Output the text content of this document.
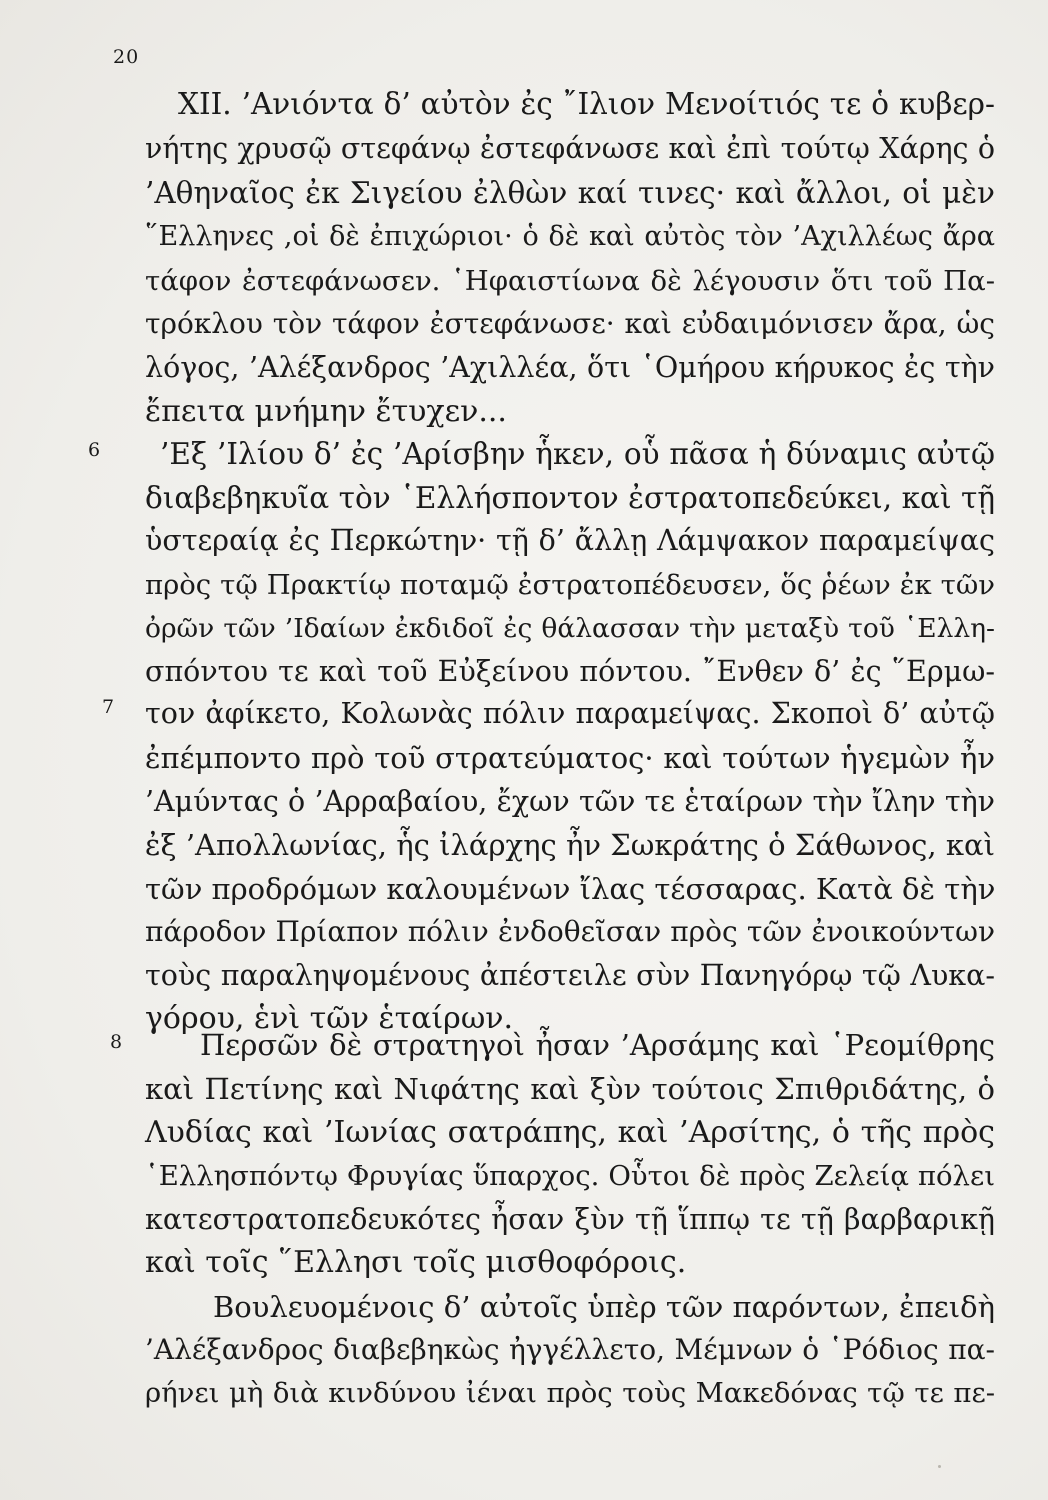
20
6
7
8
XII. ’Ανιόντα δ’ αὐτὸν ἐς ῎Ιλιον Μενοίτιός τε ὁ κυβερ-
νήτης χρυσῷ στεφάνῳ ἐστεφάνωσε καὶ ἐπὶ τούτῳ Χάρης ὁ
’Αθηναῖος ἐκ Σιγείου ἐλθὼν καί τινες· καὶ ἄλλοι, οἱ μὲν
῞Ελληνες ,οἱ δὲ ἐπιχώριοι· ὁ δὲ καὶ αὐτὸς τὸν ’Αχιλλέως ἄρα
τάφον ἐστεφάνωσεν. ῾Ηφαιστίωνα δὲ λέγουσιν ὅτι τοῦ Πα-
τρόκλου τὸν τάφον ἐστεφάνωσε· καὶ εὐδαιμόνισεν ἄρα, ὡς
λόγος, ’Αλέξανδρος ’Αχιλλέα, ὅτι ῾Ομήρου κήρυκος ἐς τὴν
ἔπειτα μνήμην ἔτυχεν...
’Εξ ’Ιλίου δ’ ἐς ’Αρίσβην ἧκεν, οὗ πᾶσα ἡ δύναμις αὐτῷ
διαβεβηκυῖα τὸν ῾Ελλήσποντον ἐστρατοπεδεύκει, καὶ τῇ
ὑστεραίᾳ ἐς Περκώτην· τῇ δ’ ἄλλῃ Λάμψακον παραμείψας
πρὸς τῷ Πρακτίῳ ποταμῷ ἐστρατοπέδευσεν, ὅς ῥέων ἐκ τῶν
ὀρῶν τῶν ’Ιδαίων ἐκδιδοῖ ἐς θάλασσαν τὴν μεταξὺ τοῦ ῾Ελλη-
σπόντου τε καὶ τοῦ Εὐξείνου πόντου. ῎Ενθεν δ’ ἐς ῞Ερμω-
τον ἀφίκετο, Κολωνὰς πόλιν παραμείψας. Σκοποὶ δ’ αὐτῷ
ἐπέμποντο πρὸ τοῦ στρατεύματος· καὶ τούτων ἡγεμὼν ἦν
’Αμύντας ὁ ’Αρραβαίου, ἔχων τῶν τε ἑταίρων τὴν ἴλην τὴν
ἐξ ’Απολλωνίας, ἧς ἰλάρχης ἦν Σωκράτης ὁ Σάθωνος, καὶ
τῶν προδρόμων καλουμένων ἴλας τέσσαρας. Κατὰ δὲ τὴν
πάροδον Πρίαπον πόλιν ἐνδοθεῖσαν πρὸς τῶν ἐνοικούντων
τοὺς παραληψομένους ἀπέστειλε σὺν Πανηγόρῳ τῷ Λυκα-
γόρου, ἑνὶ τῶν ἑταίρων.
Περσῶν δὲ στρατηγοὶ ἦσαν ’Αρσάμης καὶ ῾Ρεομίθρης
καὶ Πετίνης καὶ Νιφάτης καὶ ξὺν τούτοις Σπιθριδάτης, ὁ
Λυδίας καὶ ’Ιωνίας σατράπης, καὶ ’Αρσίτης, ὁ τῆς πρὸς
῾Ελλησπόντῳ Φρυγίας ὕπαρχος. Οὗτοι δὲ πρὸς Ζελείᾳ πόλει
κατεστρατοπεδευκότες ἦσαν ξὺν τῇ ἵππῳ τε τῇ βαρβαρικῇ
καὶ τοῖς ῞Ελλησι τοῖς μισθοφόροις.
Βουλευομένοις δ’ αὐτοῖς ὑπὲρ τῶν παρόντων, ἐπειδὴ
’Αλέξανδρος διαβεβηκὼς ἠγγέλλετο, Μέμνων ὁ ῾Ρόδιος πα-
ρήνει μὴ διὰ κινδύνου ἰέναι πρὸς τοὺς Μακεδόνας τῷ τε πε-
